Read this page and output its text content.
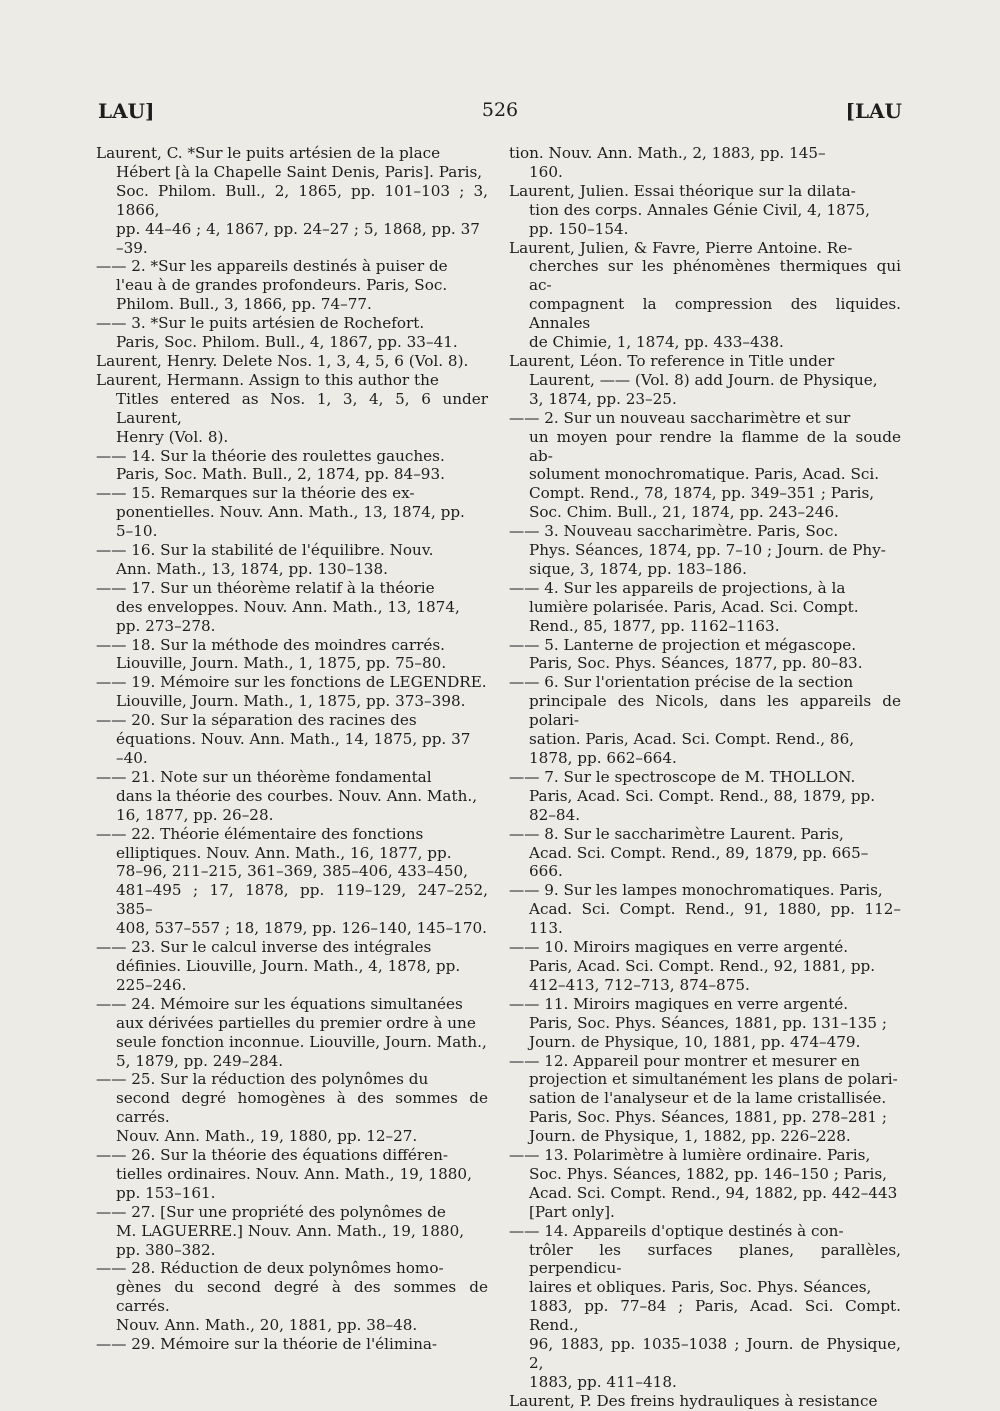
LAU]	526	[LAU
Laurent, C. *Sur le puits artésien de la place
Hébert [à la Chapelle Saint Denis, Paris]. Paris,
Soc. Philom. Bull., 2, 1865, pp. 101–103 ; 3, 1866,
pp. 44–46 ; 4, 1867, pp. 24–27 ; 5, 1868, pp. 37
–39.
—— 2. *Sur les appareils destinés à puiser de
l'eau à de grandes profondeurs. Paris, Soc.
Philom. Bull., 3, 1866, pp. 74–77.
—— 3. *Sur le puits artésien de Rochefort.
Paris, Soc. Philom. Bull., 4, 1867, pp. 33–41.
Laurent, Henry. Delete Nos. 1, 3, 4, 5, 6 (Vol. 8).
Laurent, Hermann. Assign to this author the
Titles entered as Nos. 1, 3, 4, 5, 6 under Laurent,
Henry (Vol. 8).
—— 14. Sur la théorie des roulettes gauches.
Paris, Soc. Math. Bull., 2, 1874, pp. 84–93.
—— 15. Remarques sur la théorie des ex-
ponentielles. Nouv. Ann. Math., 13, 1874, pp.
5–10.
—— 16. Sur la stabilité de l'équilibre. Nouv.
Ann. Math., 13, 1874, pp. 130–138.
—— 17. Sur un théorème relatif à la théorie
des enveloppes. Nouv. Ann. Math., 13, 1874,
pp. 273–278.
—— 18. Sur la méthode des moindres carrés.
Liouville, Journ. Math., 1, 1875, pp. 75–80.
—— 19. Mémoire sur les fonctions de LEGENDRE.
Liouville, Journ. Math., 1, 1875, pp. 373–398.
—— 20. Sur la séparation des racines des
équations. Nouv. Ann. Math., 14, 1875, pp. 37
–40.
—— 21. Note sur un théorème fondamental
dans la théorie des courbes. Nouv. Ann. Math.,
16, 1877, pp. 26–28.
—— 22. Théorie élémentaire des fonctions
elliptiques. Nouv. Ann. Math., 16, 1877, pp.
78–96, 211–215, 361–369, 385–406, 433–450,
481–495 ; 17, 1878, pp. 119–129, 247–252, 385–
408, 537–557 ; 18, 1879, pp. 126–140, 145–170.
—— 23. Sur le calcul inverse des intégrales
définies. Liouville, Journ. Math., 4, 1878, pp.
225–246.
—— 24. Mémoire sur les équations simultanées
aux dérivées partielles du premier ordre à une
seule fonction inconnue. Liouville, Journ. Math.,
5, 1879, pp. 249–284.
—— 25. Sur la réduction des polynômes du
second degré homogènes à des sommes de carrés.
Nouv. Ann. Math., 19, 1880, pp. 12–27.
—— 26. Sur la théorie des équations différen-
tielles ordinaires. Nouv. Ann. Math., 19, 1880,
pp. 153–161.
—— 27. [Sur une propriété des polynômes de
M. LAGUERRE.] Nouv. Ann. Math., 19, 1880,
pp. 380–382.
—— 28. Réduction de deux polynômes homo-
gènes du second degré à des sommes de carrés.
Nouv. Ann. Math., 20, 1881, pp. 38–48.
—— 29. Mémoire sur la théorie de l'élimina-
tion. Nouv. Ann. Math., 2, 1883, pp. 145–
160.
Laurent, Julien. Essai théorique sur la dilata-
tion des corps. Annales Génie Civil, 4, 1875,
pp. 150–154.
Laurent, Julien, & Favre, Pierre Antoine. Re-
cherches sur les phénomènes thermiques qui ac-
compagnent la compression des liquides. Annales
de Chimie, 1, 1874, pp. 433–438.
Laurent, Léon. To reference in Title under
Laurent, —— (Vol. 8) add Journ. de Physique,
3, 1874, pp. 23–25.
—— 2. Sur un nouveau saccharimètre et sur
un moyen pour rendre la flamme de la soude ab-
solument monochromatique. Paris, Acad. Sci.
Compt. Rend., 78, 1874, pp. 349–351 ; Paris,
Soc. Chim. Bull., 21, 1874, pp. 243–246.
—— 3. Nouveau saccharimètre. Paris, Soc.
Phys. Séances, 1874, pp. 7–10 ; Journ. de Phy-
sique, 3, 1874, pp. 183–186.
—— 4. Sur les appareils de projections, à la
lumière polarisée. Paris, Acad. Sci. Compt.
Rend., 85, 1877, pp. 1162–1163.
—— 5. Lanterne de projection et mégascope.
Paris, Soc. Phys. Séances, 1877, pp. 80–83.
—— 6. Sur l'orientation précise de la section
principale des Nicols, dans les appareils de polari-
sation. Paris, Acad. Sci. Compt. Rend., 86,
1878, pp. 662–664.
—— 7. Sur le spectroscope de M. THOLLON.
Paris, Acad. Sci. Compt. Rend., 88, 1879, pp.
82–84.
—— 8. Sur le saccharimètre Laurent. Paris,
Acad. Sci. Compt. Rend., 89, 1879, pp. 665–
666.
—— 9. Sur les lampes monochromatiques. Paris,
Acad. Sci. Compt. Rend., 91, 1880, pp. 112–113.
—— 10. Miroirs magiques en verre argenté.
Paris, Acad. Sci. Compt. Rend., 92, 1881, pp.
412–413, 712–713, 874–875.
—— 11. Miroirs magiques en verre argenté.
Paris, Soc. Phys. Séances, 1881, pp. 131–135 ;
Journ. de Physique, 10, 1881, pp. 474–479.
—— 12. Appareil pour montrer et mesurer en
projection et simultanément les plans de polari-
sation de l'analyseur et de la lame cristallisée.
Paris, Soc. Phys. Séances, 1881, pp. 278–281 ;
Journ. de Physique, 1, 1882, pp. 226–228.
—— 13. Polarimètre à lumière ordinaire. Paris,
Soc. Phys. Séances, 1882, pp. 146–150 ; Paris,
Acad. Sci. Compt. Rend., 94, 1882, pp. 442–443
[Part only].
—— 14. Appareils d'optique destinés à con-
trôler les surfaces planes, parallèles, perpendicu-
laires et obliques. Paris, Soc. Phys. Séances,
1883, pp. 77–84 ; Paris, Acad. Sci. Compt. Rend.,
96, 1883, pp. 1035–1038 ; Journ. de Physique, 2,
1883, pp. 411–418.
Laurent, P. Des freins hydrauliques à resistance
